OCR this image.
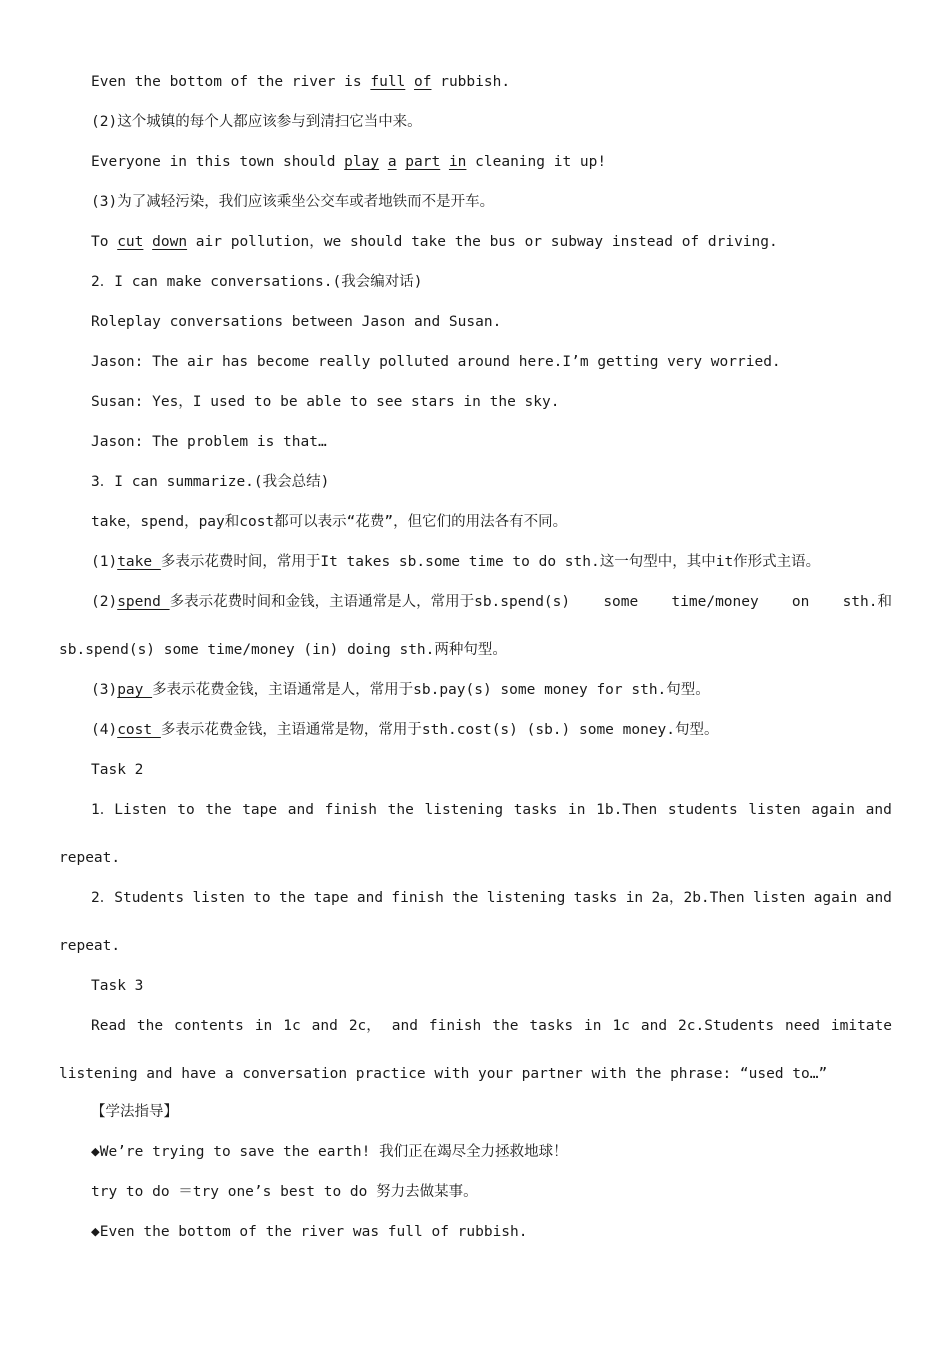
Even the bottom of the river is full of rubbish.
(2)这个城镇的每个人都应该参与到清扫它当中来。
Everyone in this town should play a part in cleaning it up!
(3)为了减轻污染，我们应该乘坐公交车或者地铁而不是开车。
To cut down air pollution，we should take the bus or subway instead of driving.
2．I can make conversations.(我会编对话)
Roleplay conversations between Jason and Susan.
Jason: The air has become really polluted around here.I’m getting very worried.
Susan: Yes，I used to be able to see stars in the sky.
Jason: The problem is that…
3．I can summarize.(我会总结)
take，spend，pay和cost都可以表示“花费”，但它们的用法各有不同。
(1)take 多表示花费时间，常用于It takes sb.some time to do sth.这一句型中，其中it作形式主语。
(2)spend 多表示花费时间和金钱，主语通常是人，常用于sb.spend(s) some time/money on sth.和
sb.spend(s) some time/money (in) doing sth.两种句型。
(3)pay 多表示花费金钱，主语通常是人，常用于sb.pay(s) some money for sth.句型。
(4)cost 多表示花费金钱，主语通常是物，常用于sth.cost(s) (sb.) some money.句型。
Task 2
1．Listen to the tape and finish the listening tasks in 1b.Then students listen again and
repeat.
2．Students listen to the tape and finish the listening tasks in 2a，2b.Then listen again and
repeat.
Task 3
Read the contents in 1c and 2c， and finish the tasks in 1c and 2c.Students need imitate
listening and have a conversation practice with your partner with the phrase: “used to…”
【学法指导】
◆We’re trying to save the earth! 我们正在竭尽全力拯救地球！
try to do ＝try one’s best to do 努力去做某事。
◆Even the bottom of the river was full of rubbish.
